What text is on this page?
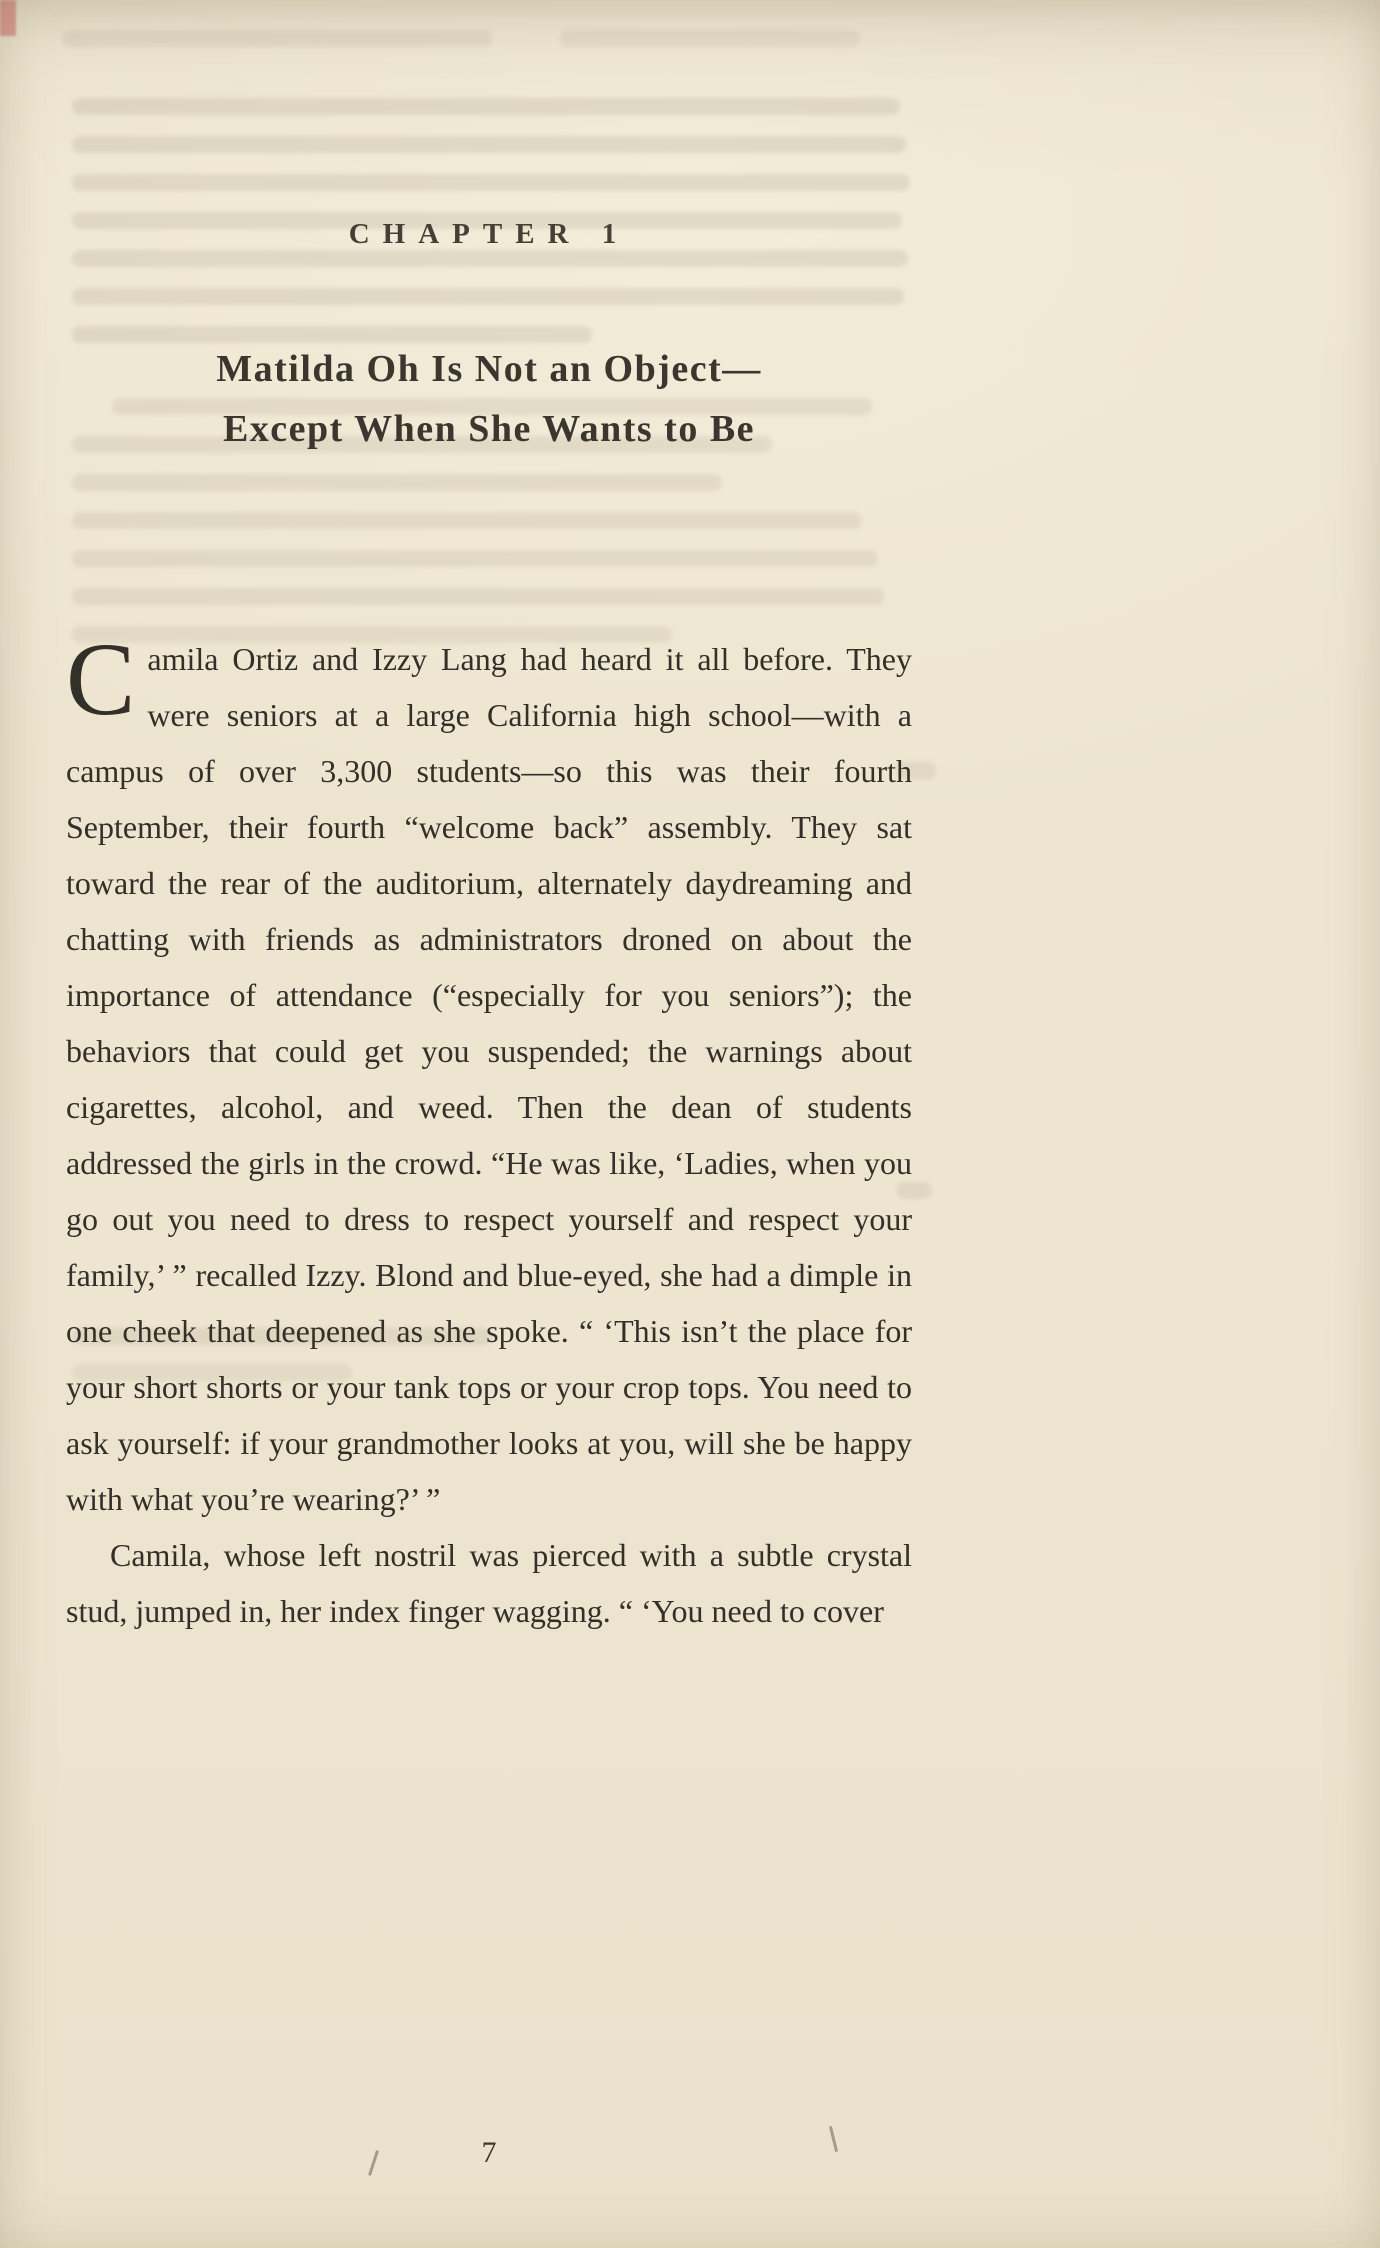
CHAPTER 1
Matilda Oh Is Not an Object—
Except When She Wants to Be

Camila Ortiz and Izzy Lang had heard it all before. They were seniors at a large California high school—with a campus of over 3,300 students—so this was their fourth September, their fourth “welcome back” assembly. They sat toward the rear of the auditorium, alternately daydreaming and chatting with friends as administrators droned on about the importance of attendance (“especially for you seniors”); the behaviors that could get you suspended; the warnings about cigarettes, alcohol, and weed. Then the dean of students addressed the girls in the crowd. “He was like, ‘Ladies, when you go out you need to dress to respect yourself and respect your family,’ ” recalled Izzy. Blond and blue-eyed, she had a dimple in one cheek that deepened as she spoke. “ ‘This isn’t the place for your short shorts or your tank tops or your crop tops. You need to ask yourself: if your grandmother looks at you, will she be happy with what you’re wearing?’ ”

Camila, whose left nostril was pierced with a subtle crystal stud, jumped in, her index finger wagging. “ ‘You need to cover

7
